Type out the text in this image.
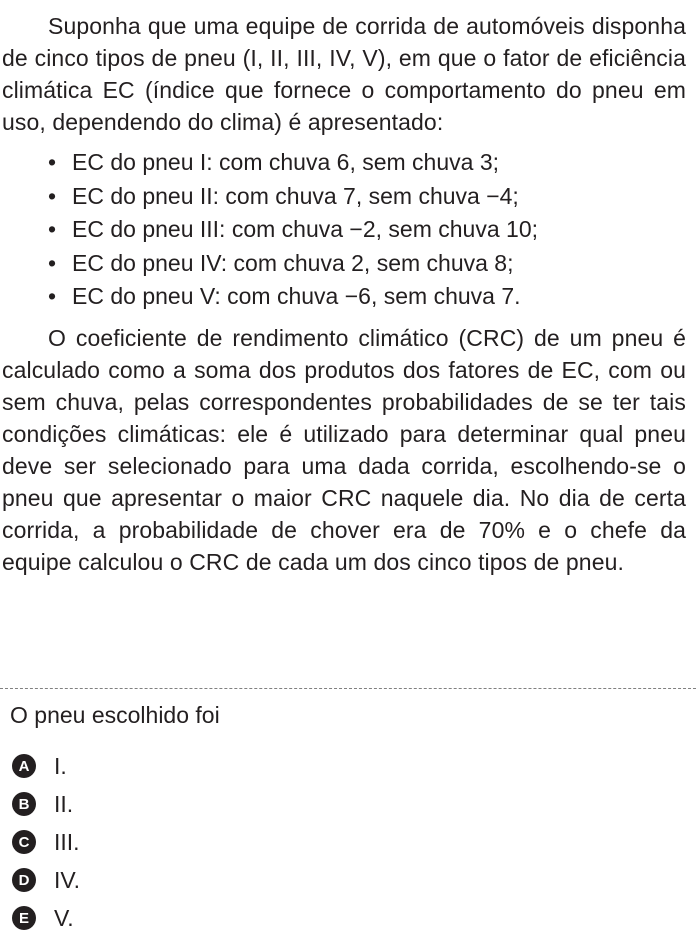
Suponha que uma equipe de corrida de automóveis disponha de cinco tipos de pneu (I, II, III, IV, V), em que o fator de eficiência climática EC (índice que fornece o comportamento do pneu em uso, dependendo do clima) é apresentado:

• EC do pneu I: com chuva 6, sem chuva 3;
• EC do pneu II: com chuva 7, sem chuva −4;
• EC do pneu III: com chuva −2, sem chuva 10;
• EC do pneu IV: com chuva 2, sem chuva 8;
• EC do pneu V: com chuva −6, sem chuva 7.

O coeficiente de rendimento climático (CRC) de um pneu é calculado como a soma dos produtos dos fatores de EC, com ou sem chuva, pelas correspondentes probabilidades de se ter tais condições climáticas: ele é utilizado para determinar qual pneu deve ser selecionado para uma dada corrida, escolhendo-se o pneu que apresentar o maior CRC naquele dia. No dia de certa corrida, a probabilidade de chover era de 70% e o chefe da equipe calculou o CRC de cada um dos cinco tipos de pneu.

O pneu escolhido foi

A I.
B II.
C III.
D IV.
E	V.
